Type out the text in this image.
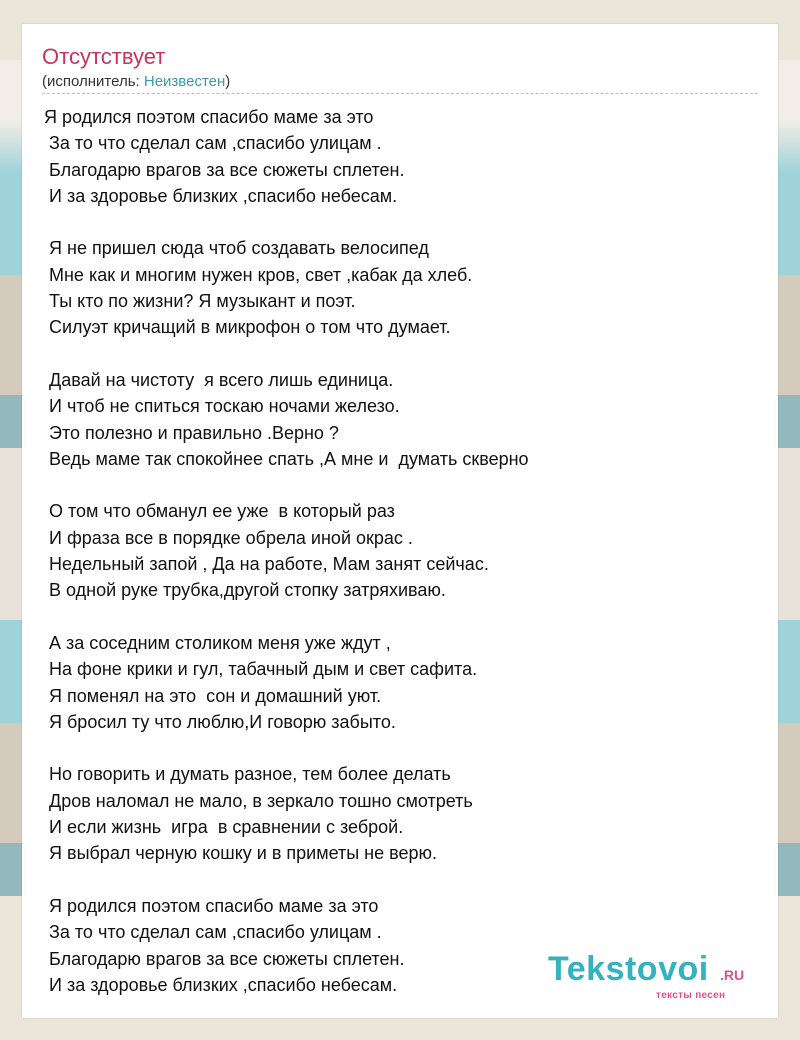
Отсутствует
(исполнитель: Неизвестен)
Я родился поэтом спасибо маме за это
За то что сделал сам ,спасибо улицам .
Благодарю врагов за все сюжеты сплетен.
И за здоровье близких ,спасибо небесам.
Я не пришел сюда чтоб создавать велосипед
Мне как и многим нужен кров, свет ,кабак да хлеб.
Ты кто по жизни? Я музыкант и поэт.
Силуэт кричащий в микрофон о том что думает.
Давай на чистоту  я всего лишь единица.
И чтоб не спиться тоскаю ночами железо.
Это полезно и правильно .Верно ?
Ведь маме так спокойнее спать ,А мне и  думать скверно
О том что обманул ее уже  в который раз
И фраза все в порядке обрела иной окрас .
Недельный запой , Да на работе, Мам занят сейчас.
В одной руке трубка,другой стопку затряхиваю.
А за соседним столиком меня уже ждут ,
На фоне крики и гул, табачный дым и свет сафита.
Я поменял на это  сон и домашний уют.
Я бросил ту что люблю,И говорю забыто.
Но говорить и думать разное, тем более делать
Дров наломал не мало, в зеркало тошно смотреть
И если жизнь  игра  в сравнении с зеброй.
Я выбрал черную кошку и в приметы не верю.
Я родился поэтом спасибо маме за это
За то что сделал сам ,спасибо улицам .
Благодарю врагов за все сюжеты сплетен.
И за здоровье близких ,спасибо небесам.	Tekstovoi .RU
тексты песен
